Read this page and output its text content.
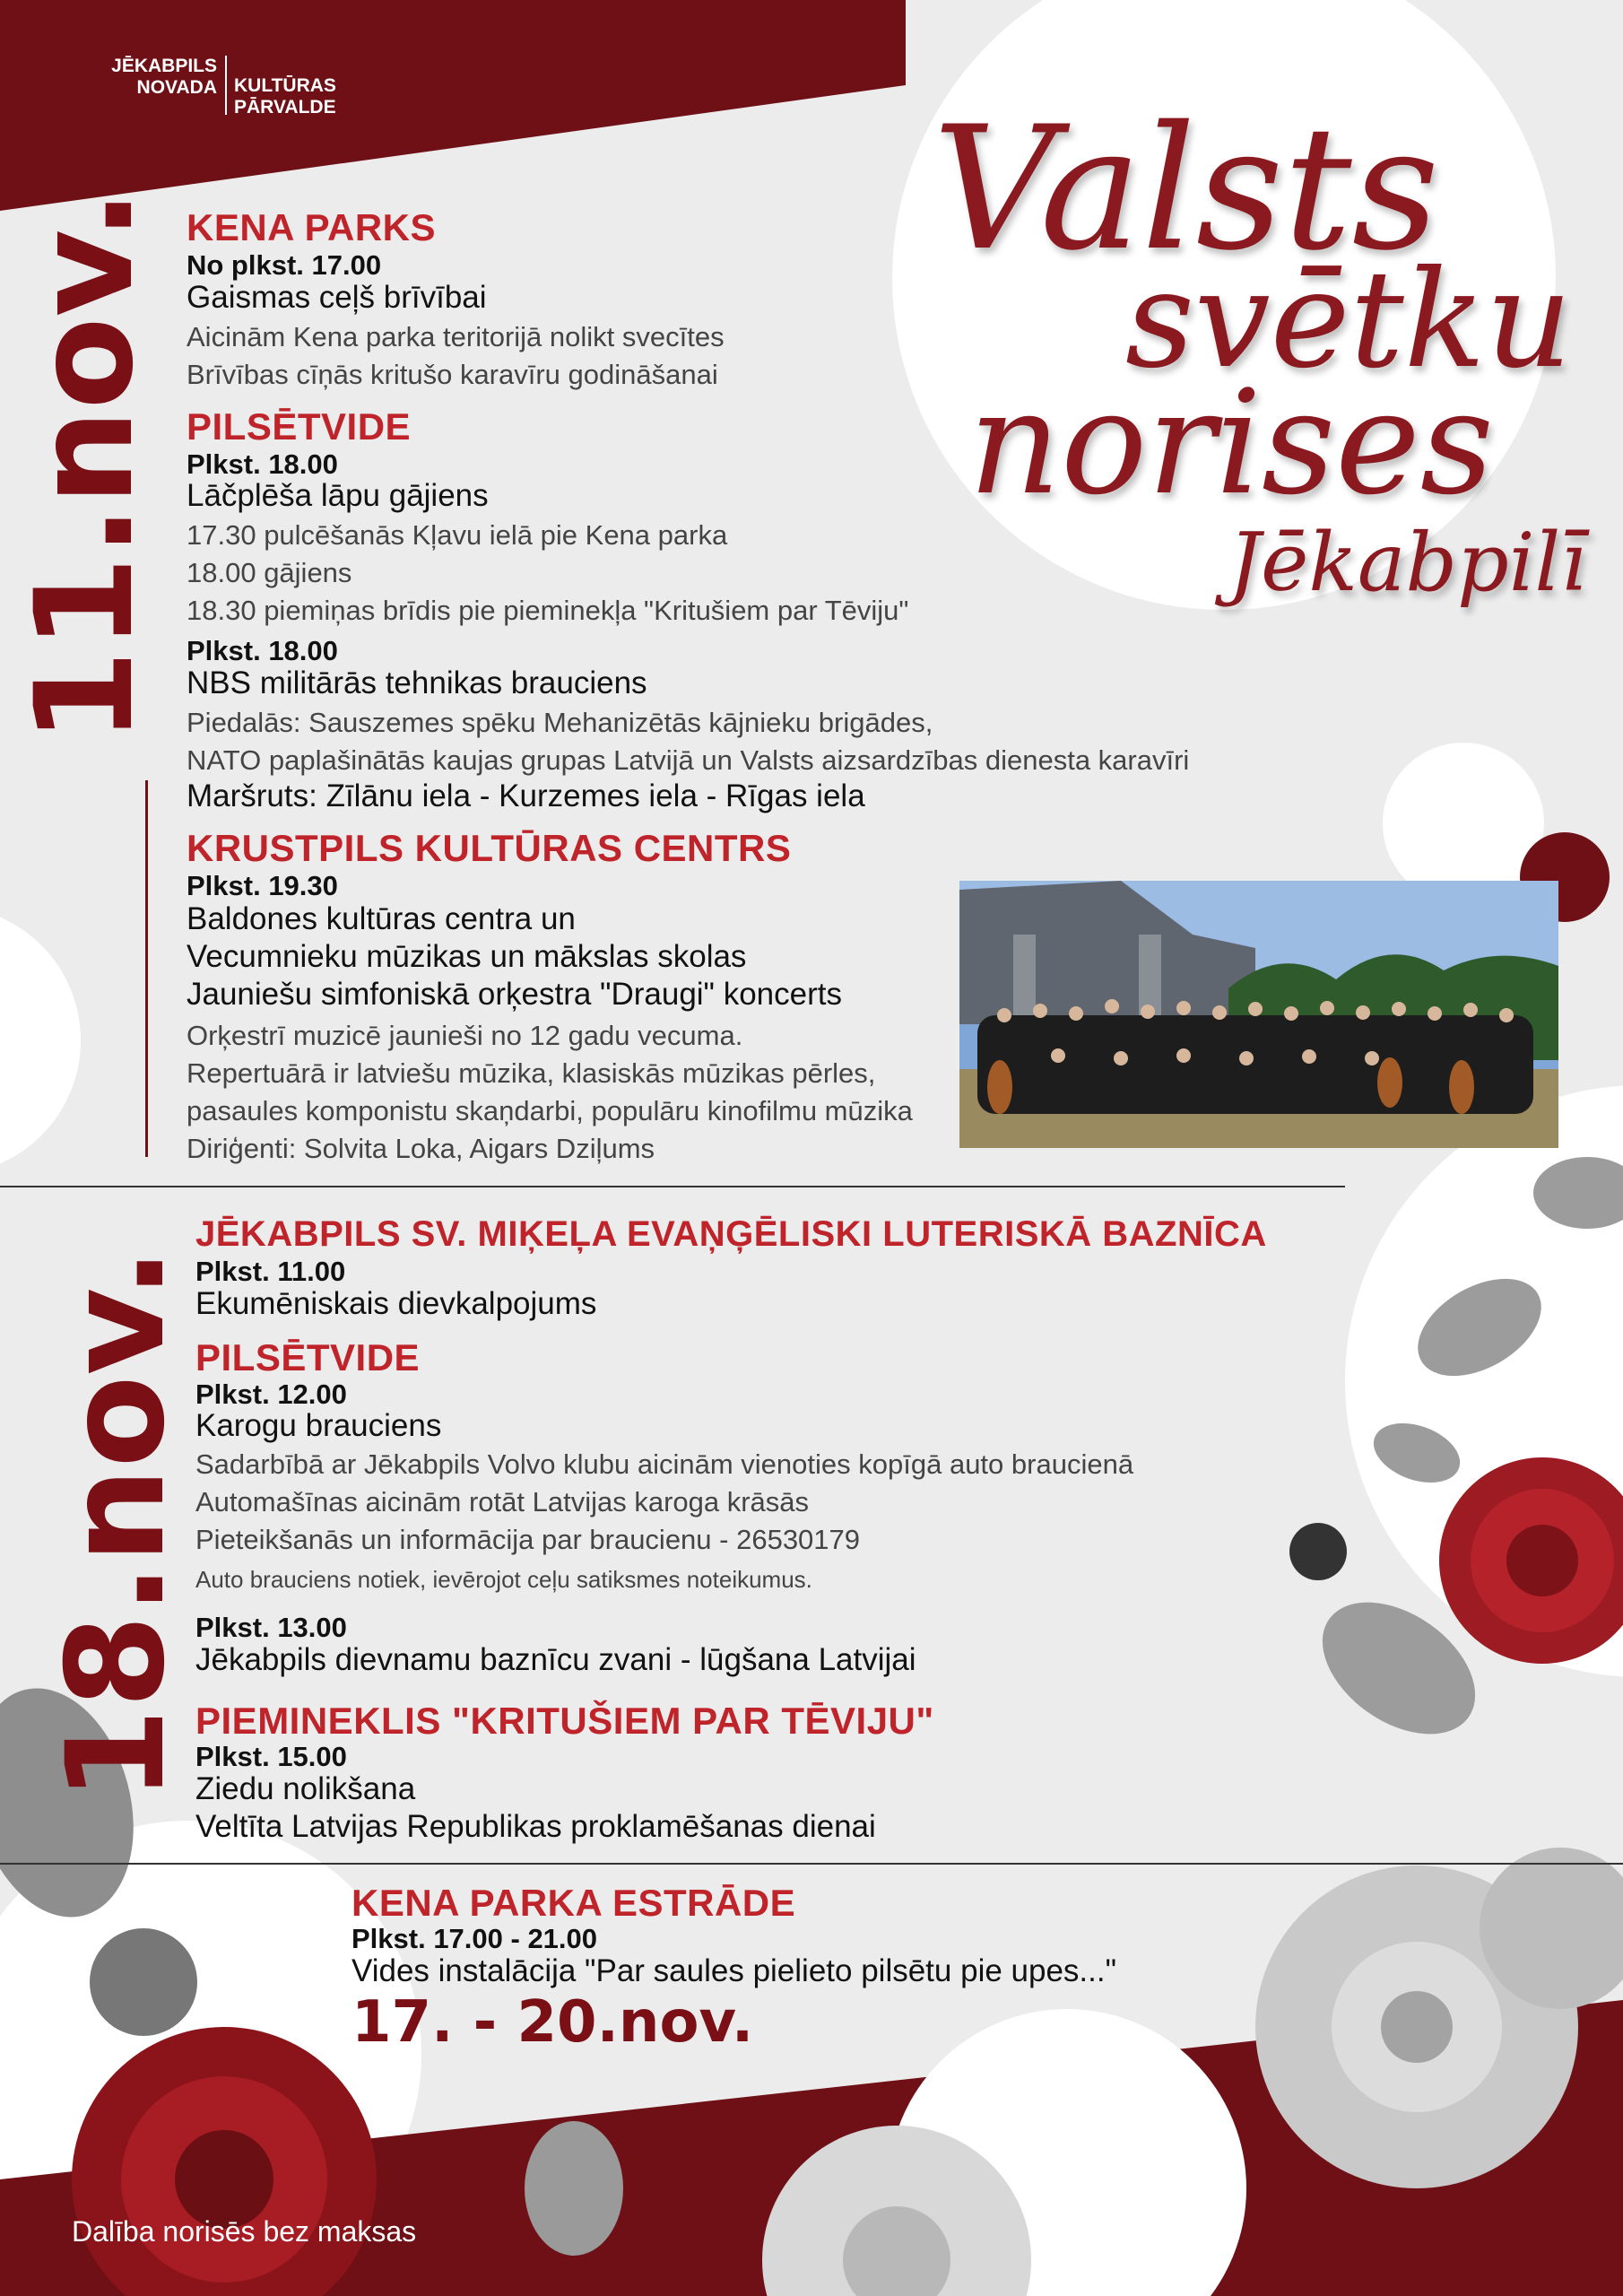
JĒKABPILS
NOVADA KULTŪRAS
PĀRVALDE	Valsts
svētku
norises
Jēkabpilī
11.nov. KENA PARKS
No plkst. 17.00
Gaismas ceļš brīvībai
Aicinām Kena parka teritorijā nolikt svecītes
Brīvības cīņās kritušo karavīru godināšanai
PILSĒTVIDE
Plkst. 18.00
Lāčplēša lāpu gājiens
17.30 pulcēšanās Kļavu ielā pie Kena parka
18.00 gājiens
18.30 piemiņas brīdis pie pieminekļa "Kritušiem par Tēviju"
Plkst. 18.00
NBS militārās tehnikas brauciens
Piedalās: Sauszemes spēku Mehanizētās kājnieku brigādes,
NATO paplašinātās kaujas grupas Latvijā un Valsts aizsardzības dienesta karavīri
Maršruts: Zīlānu iela - Kurzemes iela - Rīgas iela
KRUSTPILS KULTŪRAS CENTRS
Plkst. 19.30
Baldones kultūras centra un
Vecumnieku mūzikas un mākslas skolas
Jauniešu simfoniskā orķestra "Draugi" koncerts
Orķestrī muzicē jaunieši no 12 gadu vecuma.
Repertuārā ir latviešu mūzika, klasiskās mūzikas pērles,
pasaules komponistu skaņdarbi, populāru kinofilmu mūzika
Diriģenti: Solvita Loka, Aigars Dziļums
18.nov.
JĒKABPILS SV. MIĶEĻA EVAŅĢĒLISKI LUTERISKĀ BAZNĪCA
Plkst. 11.00
Ekumēniskais dievkalpojums
PILSĒTVIDE
Plkst. 12.00
Karogu brauciens
Sadarbībā ar Jēkabpils Volvo klubu aicinām vienoties kopīgā auto braucienā
Automašīnas aicinām rotāt Latvijas karoga krāsās
Pieteikšanās un informācija par braucienu - 26530179
Auto brauciens notiek, ievērojot ceļu satiksmes noteikumus.
Plkst. 13.00
Jēkabpils dievnamu baznīcu zvani - lūgšana Latvijai
PIEMINEKLIS "KRITUŠIEM PAR TĒVIJU"
Plkst. 15.00
Ziedu nolikšana
Veltīta Latvijas Republikas proklamēšanas dienai
KENA PARKA ESTRĀDE
Plkst. 17.00 - 21.00
Vides instalācija "Par saules pielieto pilsētu pie upes..."
17. - 20.nov.
Dalība norisēs bez maksas
